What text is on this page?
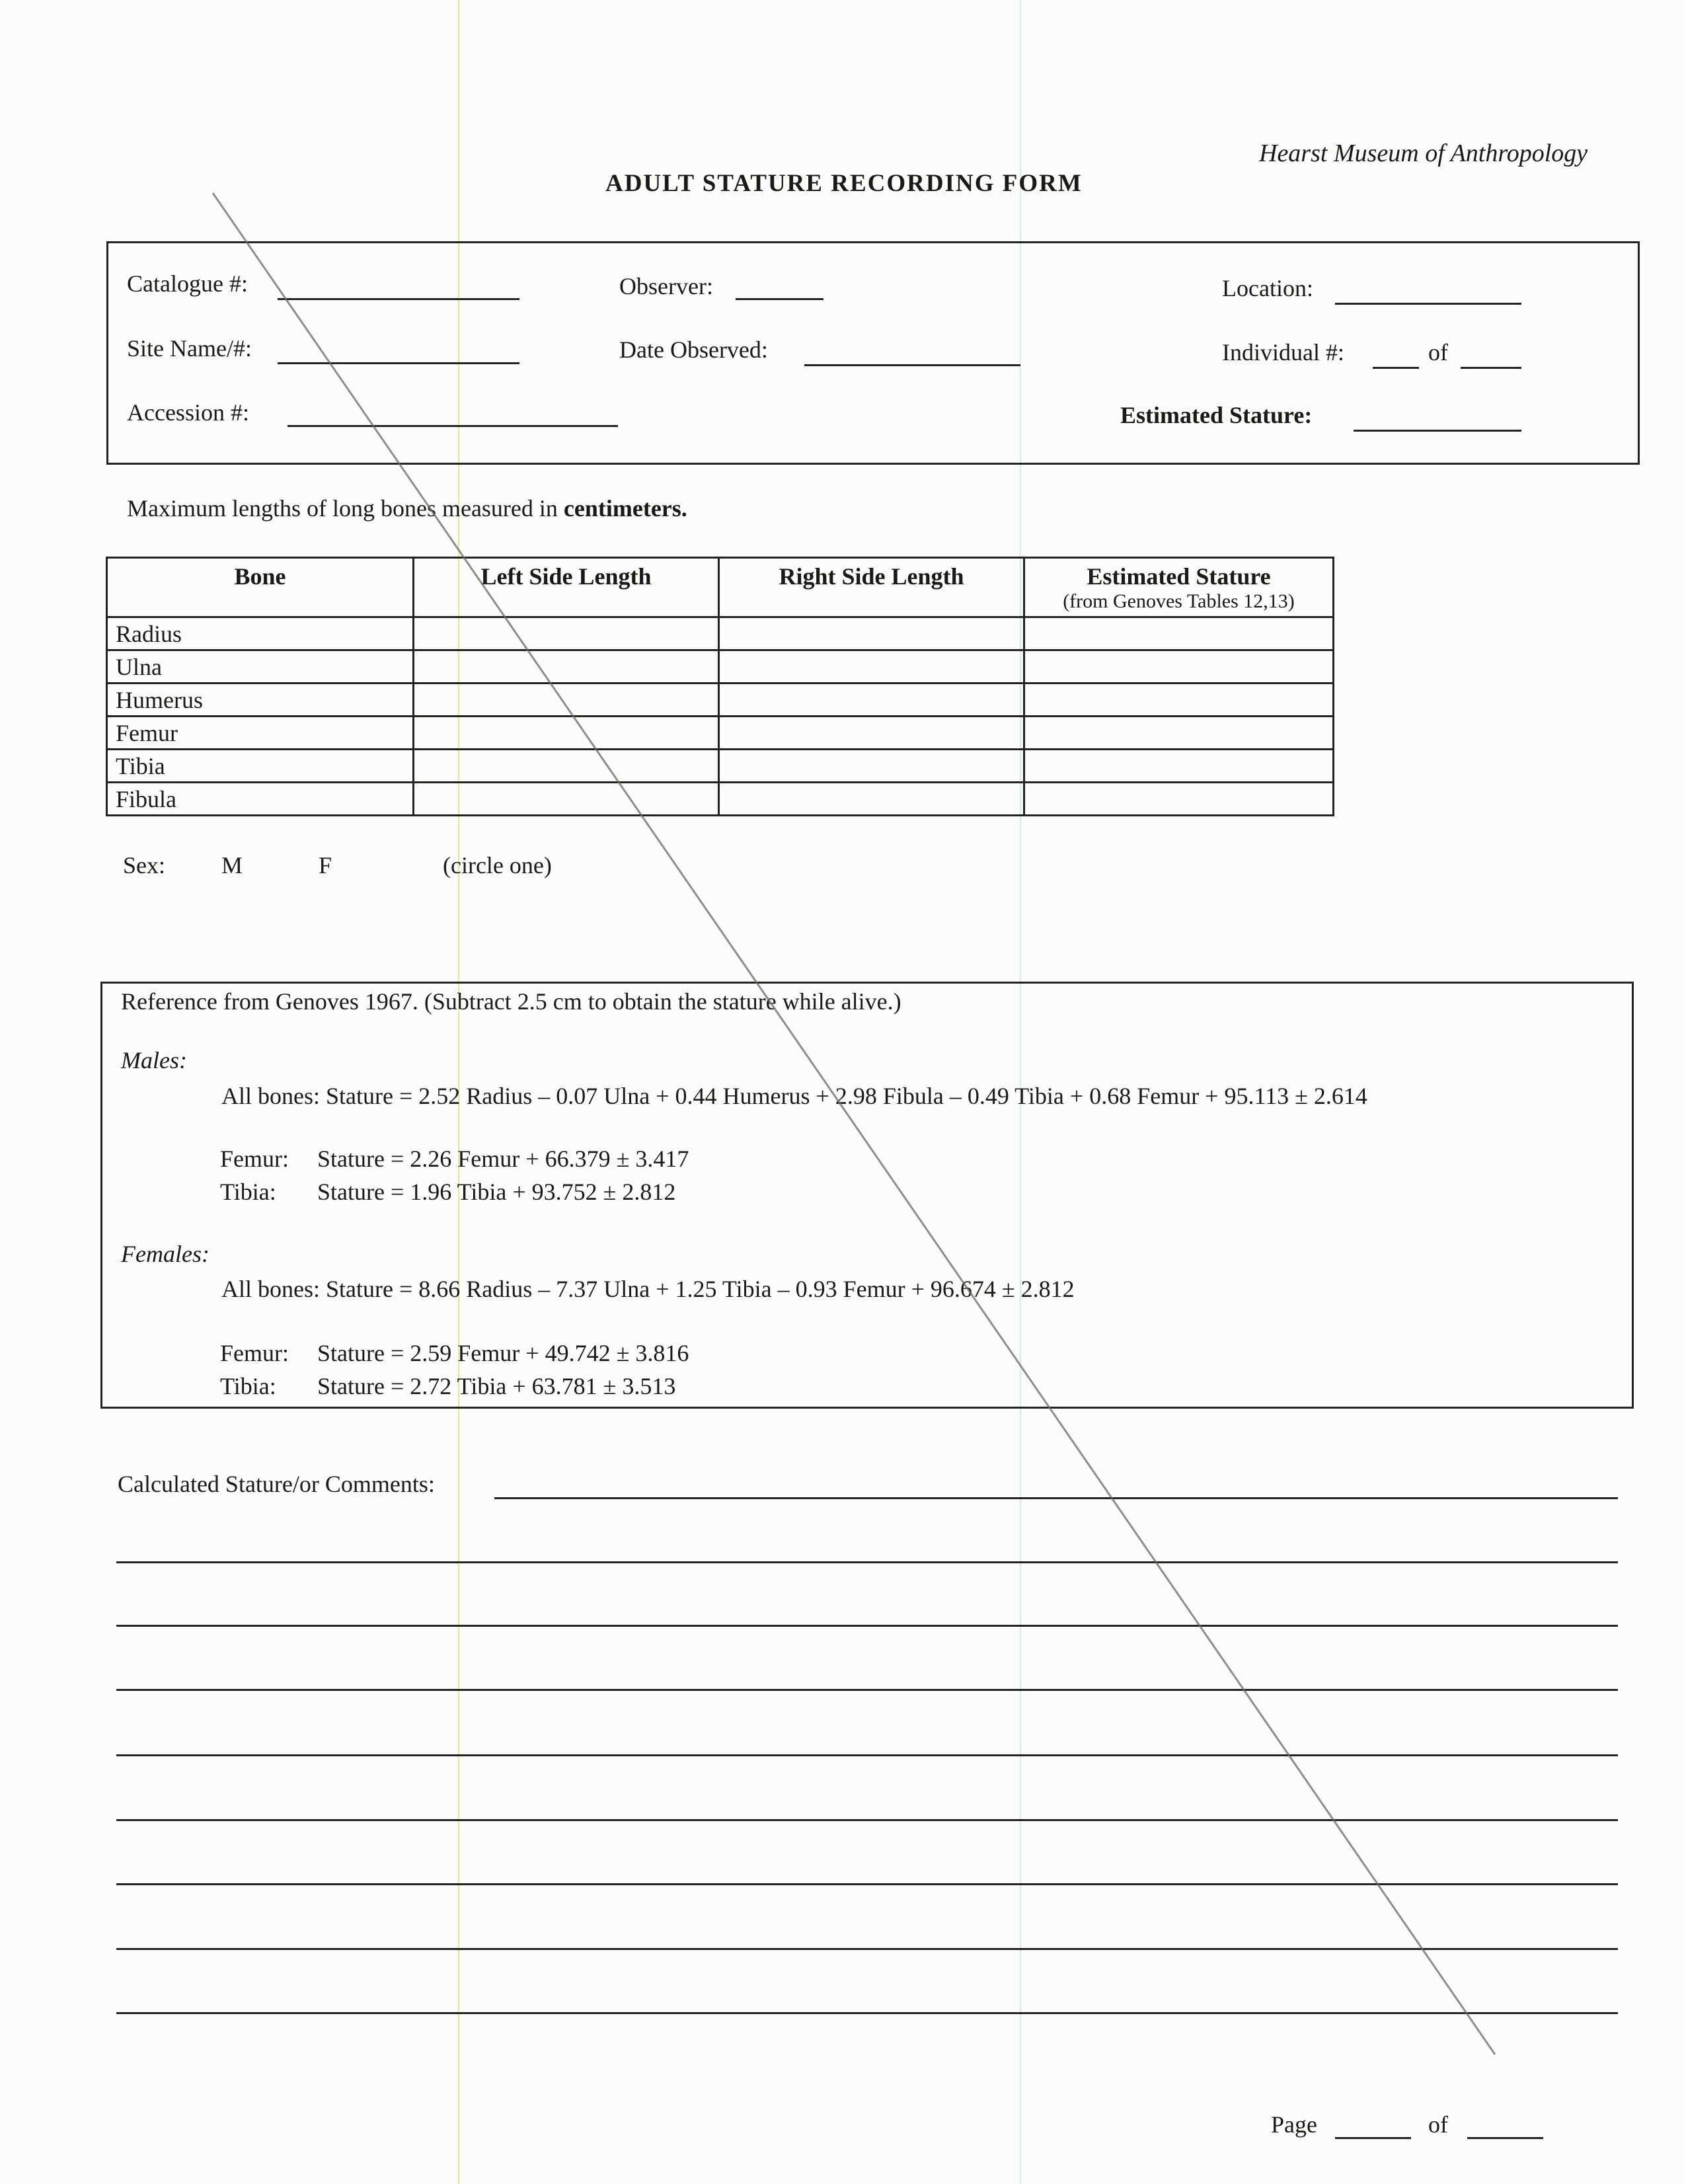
Hearst Museum of Anthropology
ADULT STATURE RECORDING FORM
Catalogue #:	Observer:	Location:
Site Name/#:	Date Observed:	Individual #:	of
Accession #:	Estimated Stature:
Maximum lengths of long bones measured in centimeters.
Bone	Left Side Length	Right Side Length	Estimated Stature
(from Genoves Tables 12,13)

Radius			
Ulna			
Humerus			
Femur			
Tibia			
Fibula			
Sex: M	F	(circle one)
Reference from Genoves 1967. (Subtract 2.5 cm to obtain the stature while alive.)
Males:
All bones: Stature = 2.52 Radius – 0.07 Ulna + 0.44 Humerus + 2.98 Fibula – 0.49 Tibia + 0.68 Femur + 95.113 ± 2.614
Femur: Stature = 2.26 Femur + 66.379 ± 3.417
Tibia: Stature = 1.96 Tibia + 93.752 ± 2.812
Females:
All bones: Stature = 8.66 Radius – 7.37 Ulna + 1.25 Tibia – 0.93 Femur + 96.674 ± 2.812
Femur: Stature = 2.59 Femur + 49.742 ± 3.816
Tibia: Stature = 2.72 Tibia + 63.781 ± 3.513
Calculated Stature/or Comments:
Page	of
